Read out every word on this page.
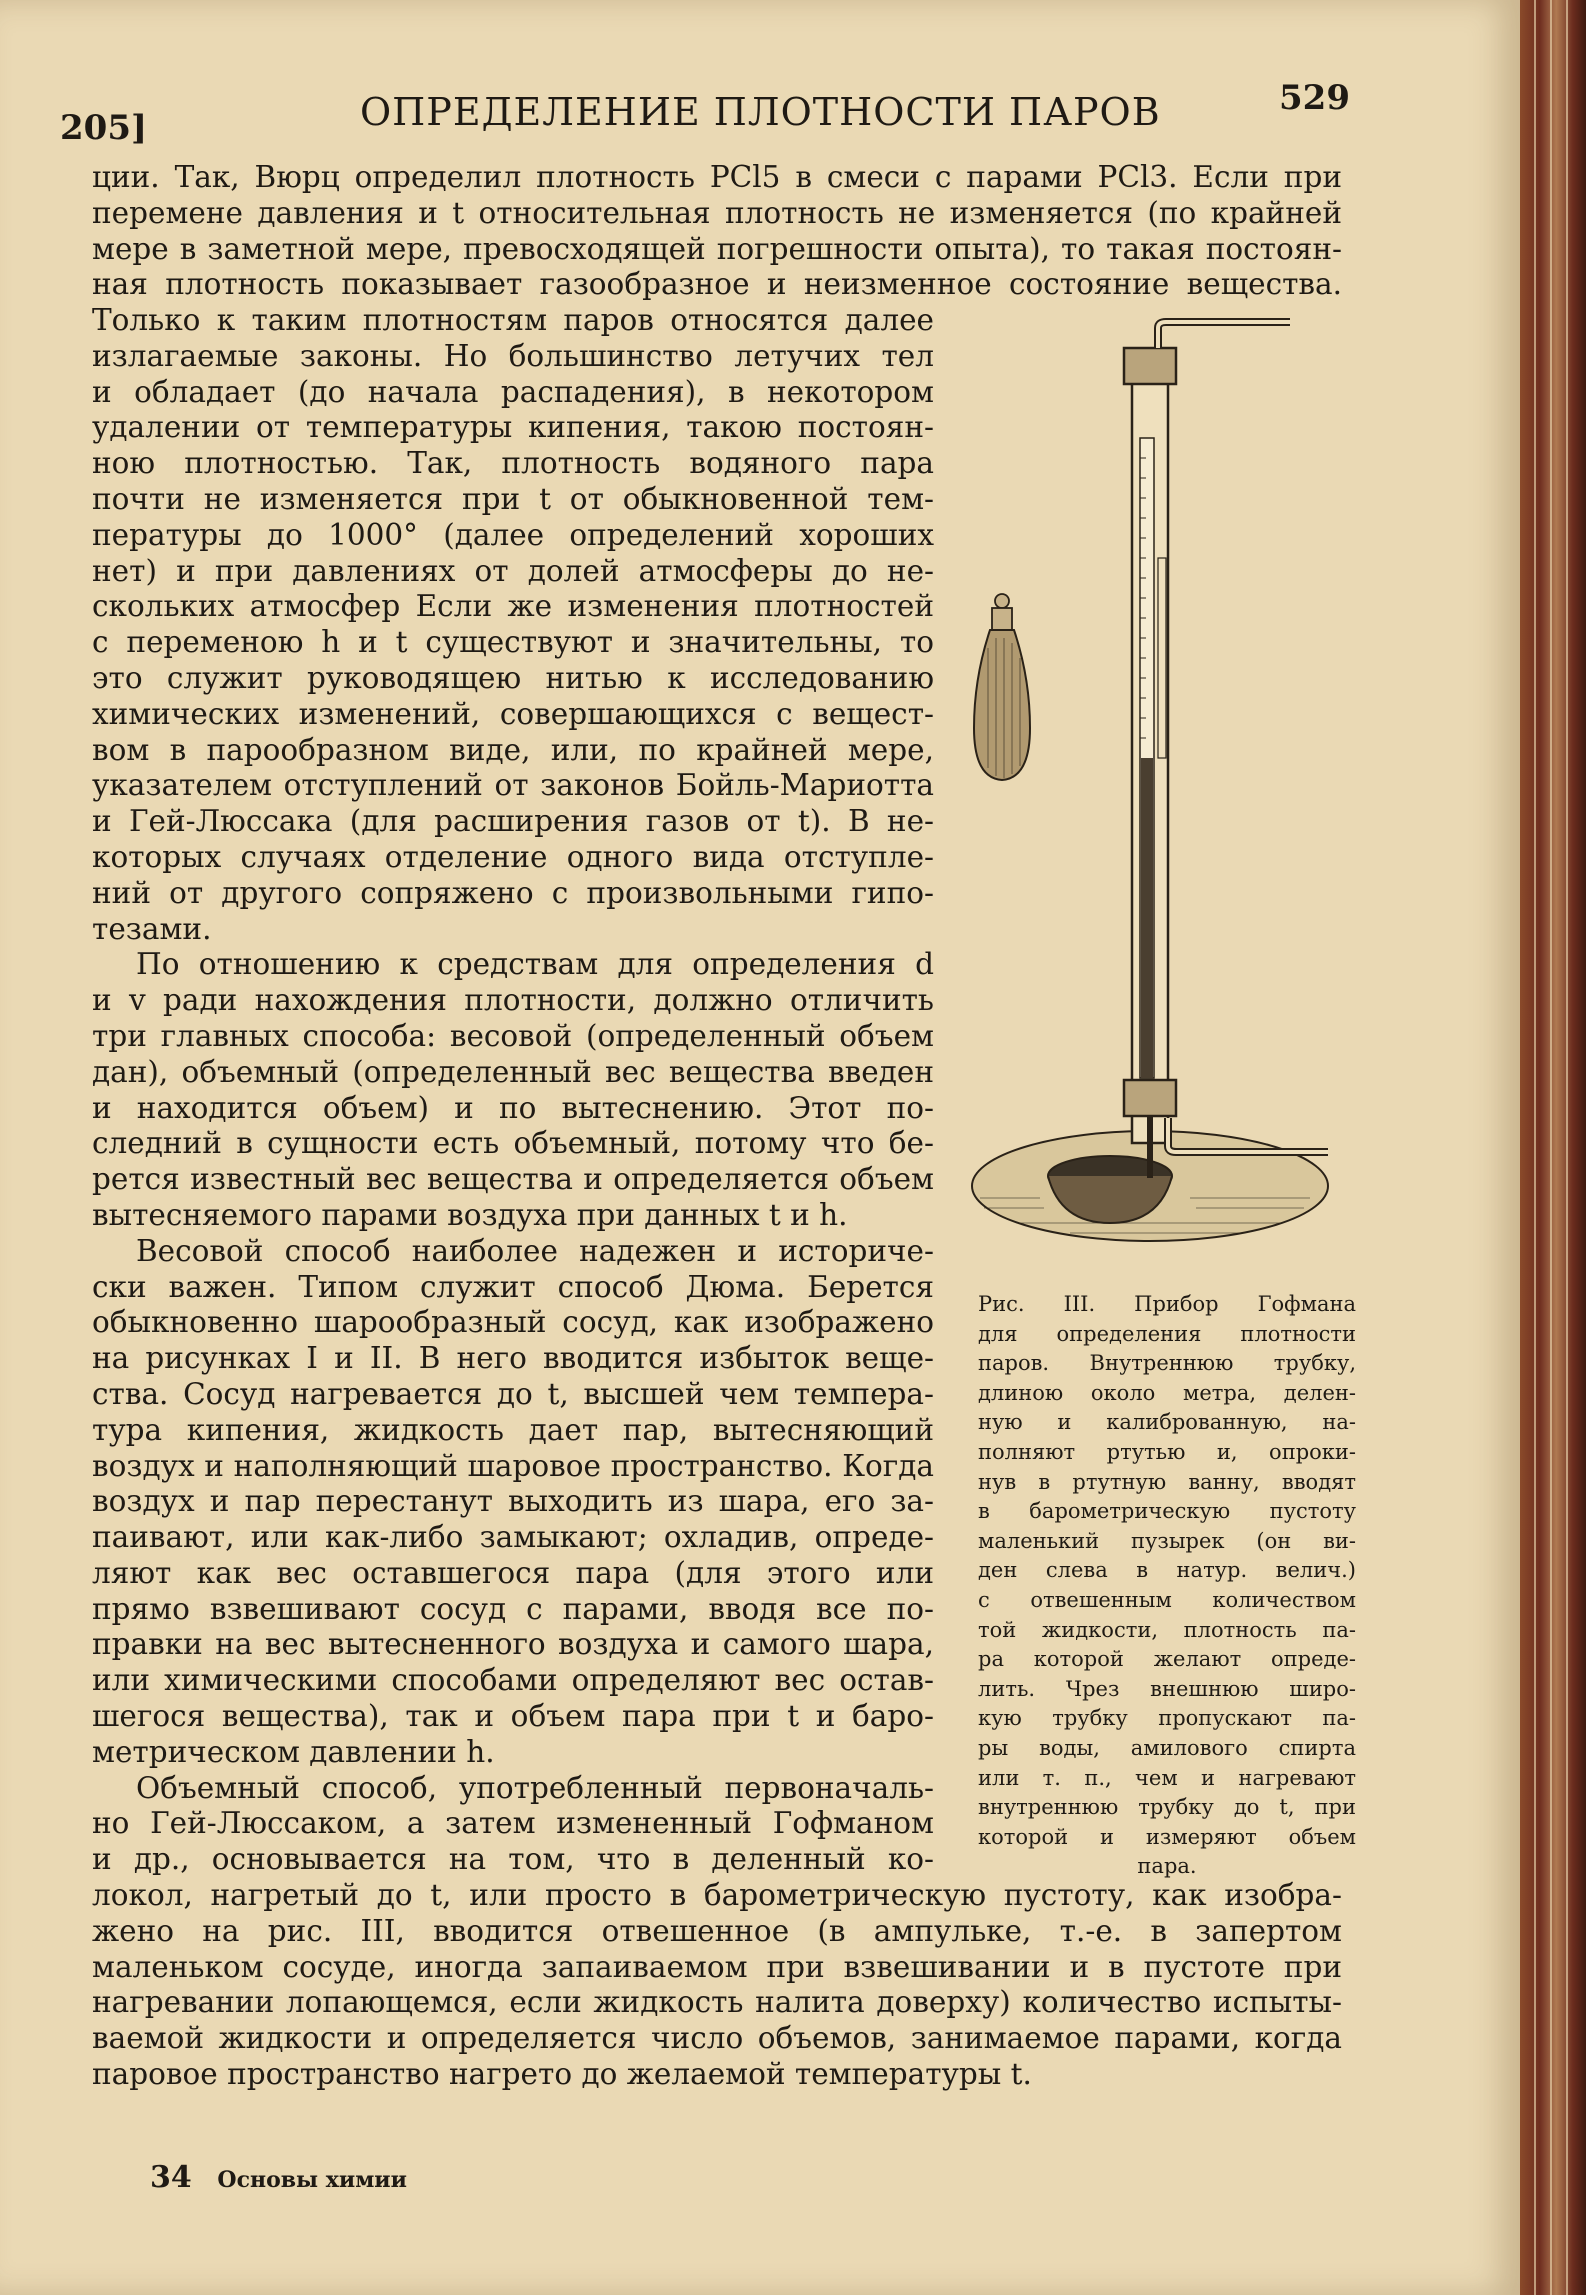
205]	ОПРЕДЕЛЕНИЕ ПЛОТНОСТИ ПАРОВ	529
ции. Так, Вюрц определил плотность PCl5 в смеси с парами PCl3. Если при
перемене давления и t относительная плотность не изменяется (по крайней
мере в заметной мере, превосходящей погрешности опыта), то такая постоян-
ная плотность показывает газообразное и неизменное состояние вещества.
Только к таким плотностям паров относятся далее
излагаемые законы. Но большинство летучих тел
и обладает (до начала распадения), в некотором
удалении от температуры кипения, такою постоян-
ною плотностью. Так, плотность водяного пара
почти не изменяется при t от обыкновенной тем-
пературы до 1000° (далее определений хороших
нет) и при давлениях от долей атмосферы до не-
скольких атмосфер Если же изменения плотностей
с переменою h и t существуют и значительны, то
это служит руководящею нитью к исследованию
химических изменений, совершающихся с вещест-
вом в парообразном виде, или, по крайней мере,
указателем отступлений от законов Бойль-Мариотта
и Гей-Люссака (для расширения газов от t). В не-
которых случаях отделение одного вида отступле-
ний от другого сопряжено с произвольными гипо-
тезами.
По отношению к средствам для определения d
и v ради нахождения плотности, должно отличить
три главных способа: весовой (определенный объем
дан), объемный (определенный вес вещества введен
и находится объем) и по вытеснению. Этот по-
следний в сущности есть объемный, потому что бе-
рется известный вес вещества и определяется объем
вытесняемого парами воздуха при данных t и h.
Весовой способ наиболее надежен и историче-
ски важен. Типом служит способ Дюма. Берется
обыкновенно шарообразный сосуд, как изображено
на рисунках I и II. В него вводится избыток веще-
ства. Сосуд нагревается до t, высшей чем темпера-
тура кипения, жидкость дает пар, вытесняющий
воздух и наполняющий шаровое пространство. Когда
воздух и пар перестанут выходить из шара, его за-
паивают, или как-либо замыкают; охладив, опреде-
ляют как вес оставшегося пара (для этого или
прямо взвешивают сосуд с парами, вводя все по-
правки на вес вытесненного воздуха и самого шара,
или химическими способами определяют вес остав-
шегося вещества), так и объем пара при t и баро-
метрическом давлении h.
Объемный способ, употребленный первоначаль-
но Гей-Люссаком, а затем измененный Гофманом
и др., основывается на том, что в деленный ко-
локол, нагретый до t, или просто в барометрическую пустоту, как изобра-
жено на рис. III, вводится отвешенное (в ампульке, т.-е. в запертом
маленьком сосуде, иногда запаиваемом при взвешивании и в пустоте при
нагревании лопающемся, если жидкость налита доверху) количество испыты-
ваемой жидкости и определяется число объемов, занимаемое парами, когда
паровое пространство нагрето до желаемой температуры t.
Рис. III. Прибор Гофмана
для определения плотности
паров. Внутреннюю трубку,
длиною около метра, делен-
ную и калиброванную, на-
полняют ртутью и, опроки-
нув в ртутную ванну, вводят
в барометрическую пустоту
маленький пузырек (он ви-
ден слева в натур. велич.)
с отвешенным количеством
той жидкости, плотность па-
ра которой желают опреде-
лить. Чрез внешнюю широ-
кую трубку пропускают па-
ры воды, амилового спирта
или т. п., чем и нагревают
внутреннюю трубку до t, при
которой и измеряют объем
пара.
34 Основы химии
